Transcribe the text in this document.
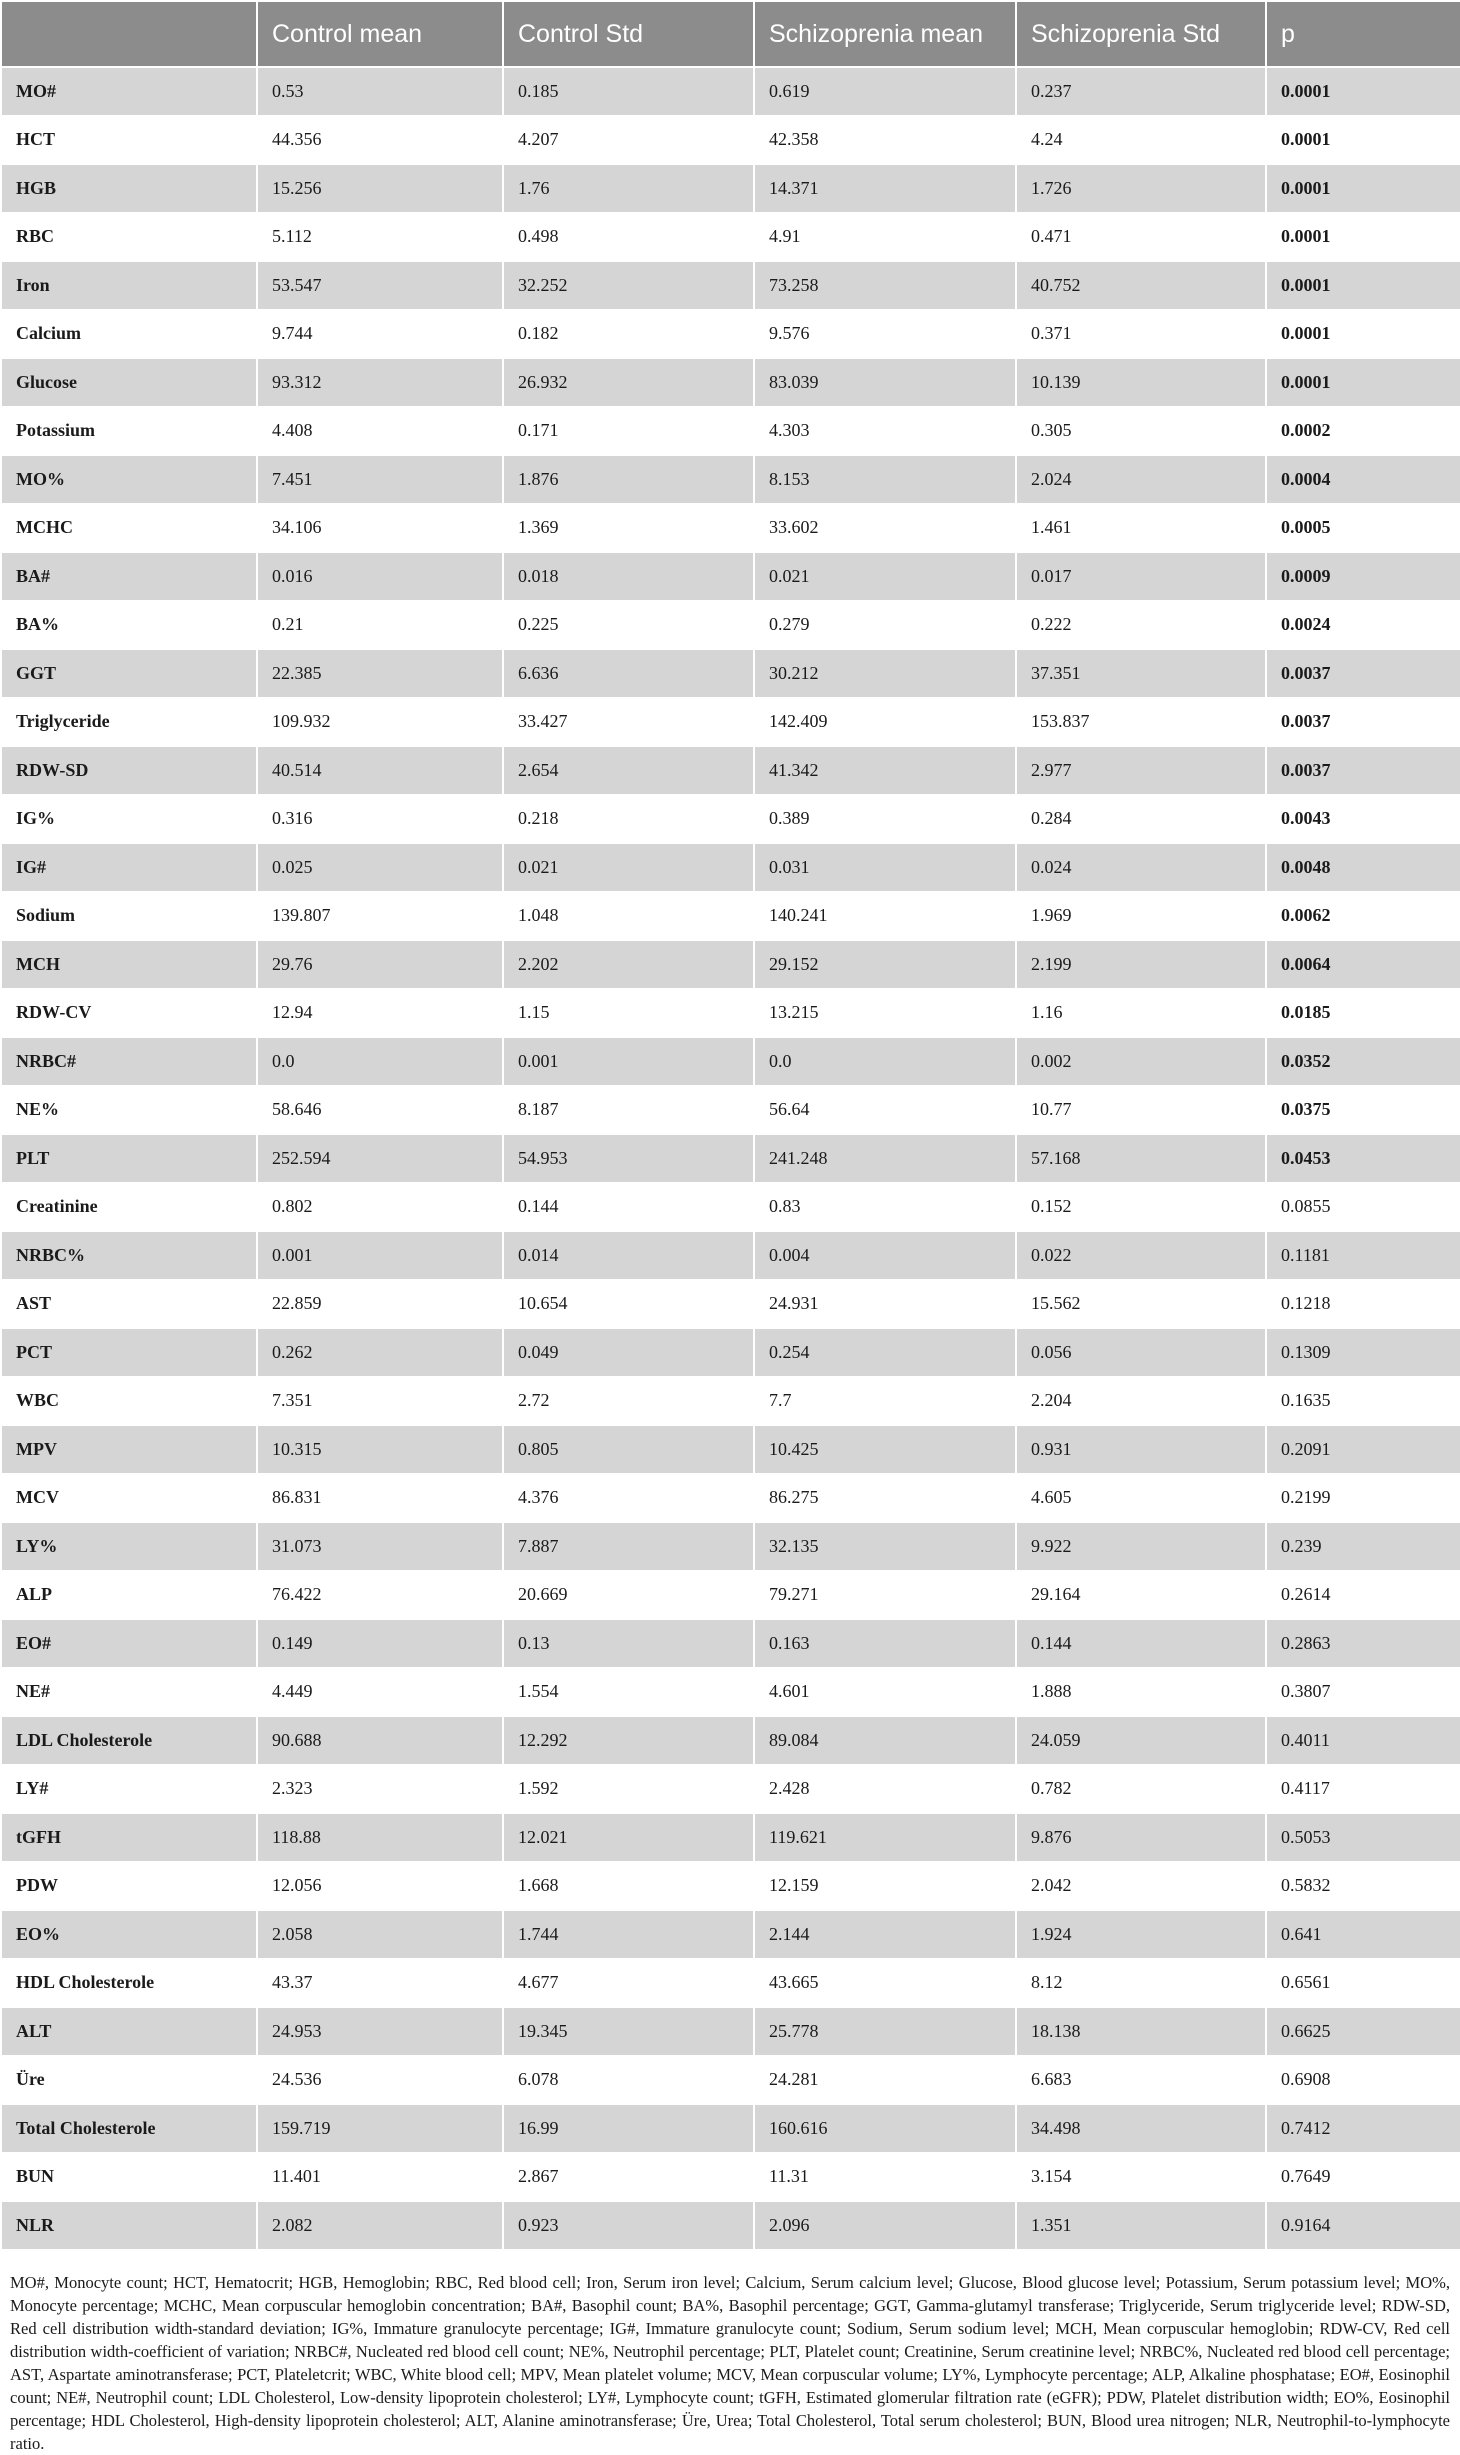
	Control mean	Control Std	Schizoprenia mean	Schizoprenia Std	p
MO#	0.53	0.185	0.619	0.237	0.0001
HCT	44.356	4.207	42.358	4.24	0.0001
HGB	15.256	1.76	14.371	1.726	0.0001
RBC	5.112	0.498	4.91	0.471	0.0001
Iron	53.547	32.252	73.258	40.752	0.0001
Calcium	9.744	0.182	9.576	0.371	0.0001
Glucose	93.312	26.932	83.039	10.139	0.0001
Potassium	4.408	0.171	4.303	0.305	0.0002
MO%	7.451	1.876	8.153	2.024	0.0004
MCHC	34.106	1.369	33.602	1.461	0.0005
BA#	0.016	0.018	0.021	0.017	0.0009
BA%	0.21	0.225	0.279	0.222	0.0024
GGT	22.385	6.636	30.212	37.351	0.0037
Triglyceride	109.932	33.427	142.409	153.837	0.0037
RDW-SD	40.514	2.654	41.342	2.977	0.0037
IG%	0.316	0.218	0.389	0.284	0.0043
IG#	0.025	0.021	0.031	0.024	0.0048
Sodium	139.807	1.048	140.241	1.969	0.0062
MCH	29.76	2.202	29.152	2.199	0.0064
RDW-CV	12.94	1.15	13.215	1.16	0.0185
NRBC#	0.0	0.001	0.0	0.002	0.0352
NE%	58.646	8.187	56.64	10.77	0.0375
PLT	252.594	54.953	241.248	57.168	0.0453
Creatinine	0.802	0.144	0.83	0.152	0.0855
NRBC%	0.001	0.014	0.004	0.022	0.1181
AST	22.859	10.654	24.931	15.562	0.1218
PCT	0.262	0.049	0.254	0.056	0.1309
WBC	7.351	2.72	7.7	2.204	0.1635
MPV	10.315	0.805	10.425	0.931	0.2091
MCV	86.831	4.376	86.275	4.605	0.2199
LY%	31.073	7.887	32.135	9.922	0.239
ALP	76.422	20.669	79.271	29.164	0.2614
EO#	0.149	0.13	0.163	0.144	0.2863
NE#	4.449	1.554	4.601	1.888	0.3807
LDL Cholesterole	90.688	12.292	89.084	24.059	0.4011
LY#	2.323	1.592	2.428	0.782	0.4117
tGFH	118.88	12.021	119.621	9.876	0.5053
PDW	12.056	1.668	12.159	2.042	0.5832
EO%	2.058	1.744	2.144	1.924	0.641
HDL Cholesterole	43.37	4.677	43.665	8.12	0.6561
ALT	24.953	19.345	25.778	18.138	0.6625
Üre	24.536	6.078	24.281	6.683	0.6908
Total Cholesterole	159.719	16.99	160.616	34.498	0.7412
BUN	11.401	2.867	11.31	3.154	0.7649
NLR	2.082	0.923	2.096	1.351	0.9164

MO#, Monocyte count; HCT, Hematocrit; HGB, Hemoglobin; RBC, Red blood cell; Iron, Serum iron level; Calcium, Serum calcium level; Glucose, Blood glucose level; Potassium, Serum potassium level; MO%, Monocyte percentage; MCHC, Mean corpuscular hemoglobin concentration; BA#, Basophil count; BA%, Basophil percentage; GGT, Gamma-glutamyl transferase; Triglyceride, Serum triglyceride level; RDW-SD, Red cell distribution width-standard deviation; IG%, Immature granulocyte percentage; IG#, Immature granulocyte count; Sodium, Serum sodium level; MCH, Mean corpuscular hemoglobin; RDW-CV, Red cell distribution width-coefficient of variation; NRBC#, Nucleated red blood cell count; NE%, Neutrophil percentage; PLT, Platelet count; Creatinine, Serum creatinine level; NRBC%, Nucleated red blood cell percentage; AST, Aspartate aminotransferase; PCT, Plateletcrit; WBC, White blood cell; MPV, Mean platelet volume; MCV, Mean corpuscular volume; LY%, Lymphocyte percentage; ALP, Alkaline phosphatase; EO#, Eosinophil count; NE#, Neutrophil count; LDL Cholesterol, Low-density lipoprotein cholesterol; LY#, Lymphocyte count; tGFH, Estimated glomerular filtration rate (eGFR); PDW, Platelet distribution width; EO%, Eosinophil percentage; HDL Cholesterol, High-density lipoprotein cholesterol; ALT, Alanine aminotransferase; Üre, Urea; Total Cholesterol, Total serum cholesterol; BUN, Blood urea nitrogen; NLR, Neutrophil-to-lymphocyte ratio.
